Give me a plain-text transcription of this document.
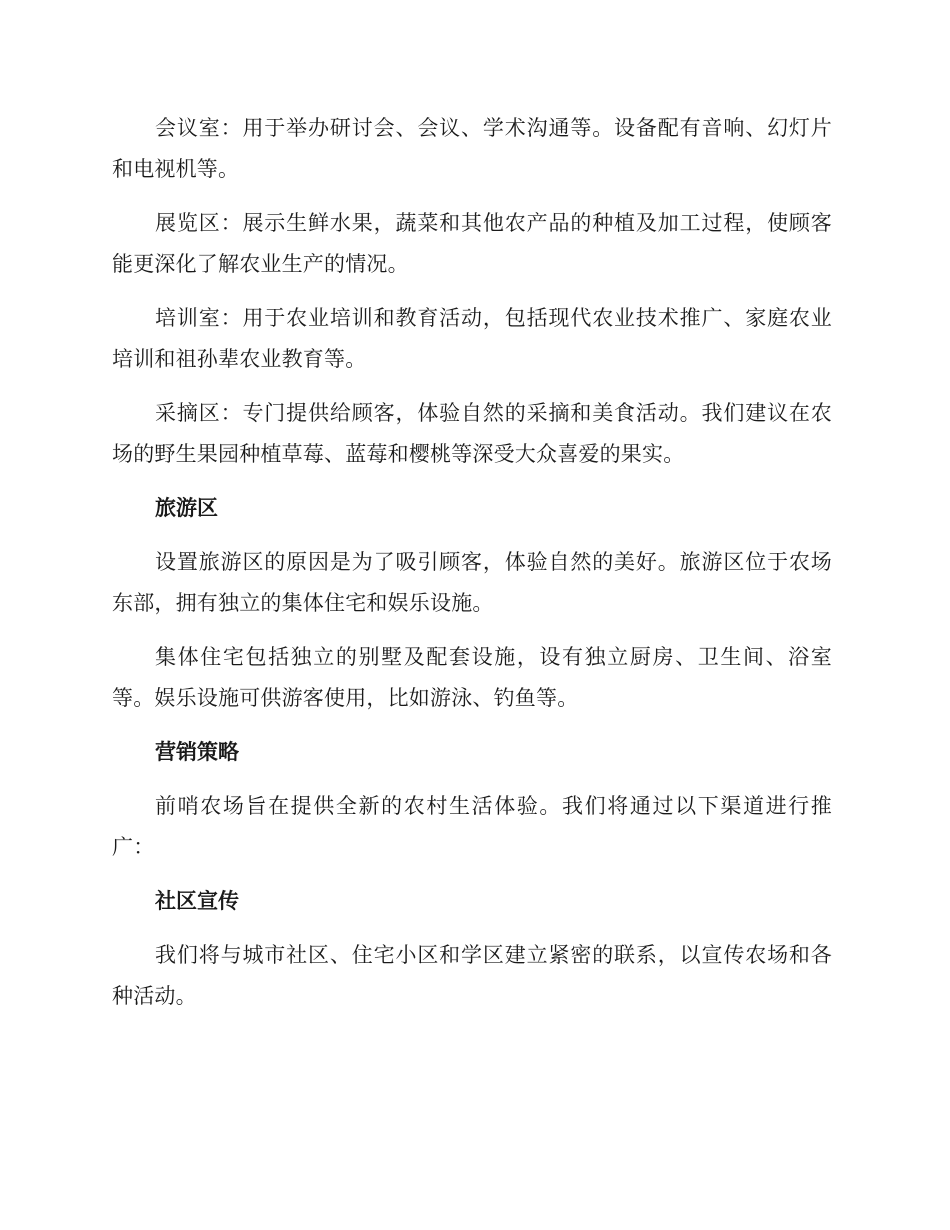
会议室：用于举办研讨会、会议、学术沟通等。设备配有音响、幻灯片和电视机等。

展览区：展示生鲜水果，蔬菜和其他农产品的种植及加工过程，使顾客能更深化了解农业生产的情况。

培训室：用于农业培训和教育活动，包括现代农业技术推广、家庭农业培训和祖孙辈农业教育等。

采摘区：专门提供给顾客，体验自然的采摘和美食活动。我们建议在农场的野生果园种植草莓、蓝莓和樱桃等深受大众喜爱的果实。

旅游区

设置旅游区的原因是为了吸引顾客，体验自然的美好。旅游区位于农场东部，拥有独立的集体住宅和娱乐设施。

集体住宅包括独立的别墅及配套设施，设有独立厨房、卫生间、浴室等。娱乐设施可供游客使用，比如游泳、钓鱼等。

营销策略

前哨农场旨在提供全新的农村生活体验。我们将通过以下渠道进行推广：

社区宣传

我们将与城市社区、住宅小区和学区建立紧密的联系，以宣传农场和各种活动。
